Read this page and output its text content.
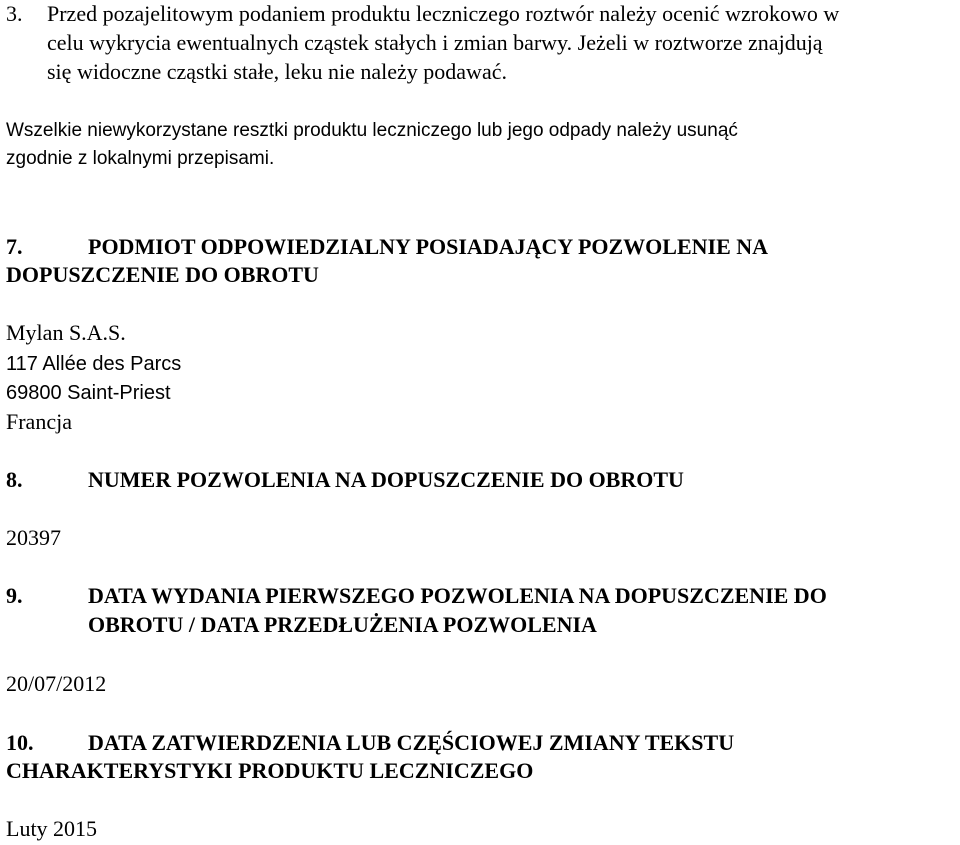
3. Przed pozajelitowym podaniem produktu leczniczego roztwór należy ocenić wzrokowo w
celu wykrycia ewentualnych cząstek stałych i zmian barwy. Jeżeli w roztworze znajdują
się widoczne cząstki stałe, leku nie należy podawać.
Wszelkie niewykorzystane resztki produktu leczniczego lub jego odpady należy usunąć
zgodnie z lokalnymi przepisami.
7.	PODMIOT ODPOWIEDZIALNY POSIADAJĄCY POZWOLENIE NA
DOPUSZCZENIE DO OBROTU
Mylan S.A.S.
117 Allée des Parcs
69800 Saint-Priest
Francja
8.	NUMER POZWOLENIA NA DOPUSZCZENIE DO OBROTU
20397
9.	DATA WYDANIA PIERWSZEGO POZWOLENIA NA DOPUSZCZENIE DO
OBROTU / DATA PRZEDŁUŻENIA POZWOLENIA
20/07/2012
10. DATA ZATWIERDZENIA LUB CZĘŚCIOWEJ ZMIANY TEKSTU
CHARAKTERYSTYKI PRODUKTU LECZNICZEGO
Luty 2015
